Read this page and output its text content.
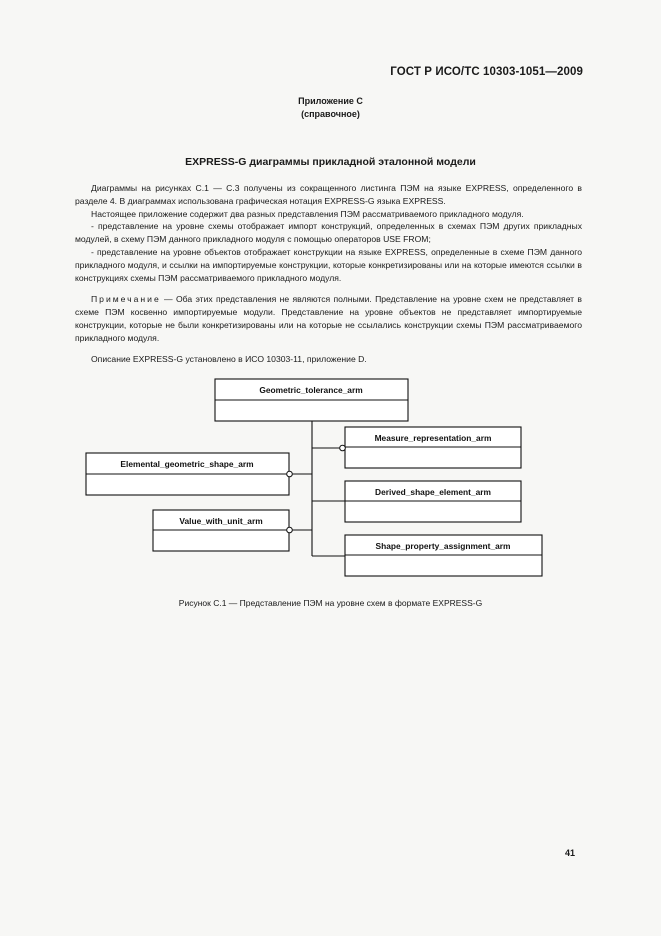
ГОСТ Р ИСО/ТС 10303-1051—2009
Приложение С
(справочное)
EXPRESS-G диаграммы прикладной эталонной модели

Диаграммы на рисунках С.1 — С.3 получены из сокращенного листинга ПЭМ на языке EXPRESS, определенного в разделе 4. В диаграммах использована графическая нотация EXPRESS-G языка EXPRESS.

Настоящее приложение содержит два разных представления ПЭМ рассматриваемого прикладного модуля.

- представление на уровне схемы отображает импорт конструкций, определенных в схемах ПЭМ других прикладных модулей, в схему ПЭМ данного прикладного модуля с помощью операторов USE FROM;

- представление на уровне объектов отображает конструкции на языке EXPRESS, определенные в схеме ПЭМ данного прикладного модуля, и ссылки на импортируемые конструкции, которые конкретизированы или на которые имеются ссылки в конструкциях схемы ПЭМ рассматриваемого прикладного модуля.

Примечание — Оба этих представления не являются полными. Представление на уровне схем не представляет в схеме ПЭМ косвенно импортируемые модули. Представление на уровне объектов не представляет импортируемые конструкции, которые не были конкретизированы или на которые не ссылались конструкции схемы ПЭМ рассматриваемого прикладного модуля.

Описание EXPRESS-G установлено в ИСО 10303-11, приложение D.

Geometric_tolerance_arm
Elemental_geometric_shape_arm
Value_with_unit_arm
Measure_representation_arm
Derived_shape_element_arm
Shape_property_assignment_arm
Рисунок С.1 — Представление ПЭМ на уровне схем в формате EXPRESS-G
41
